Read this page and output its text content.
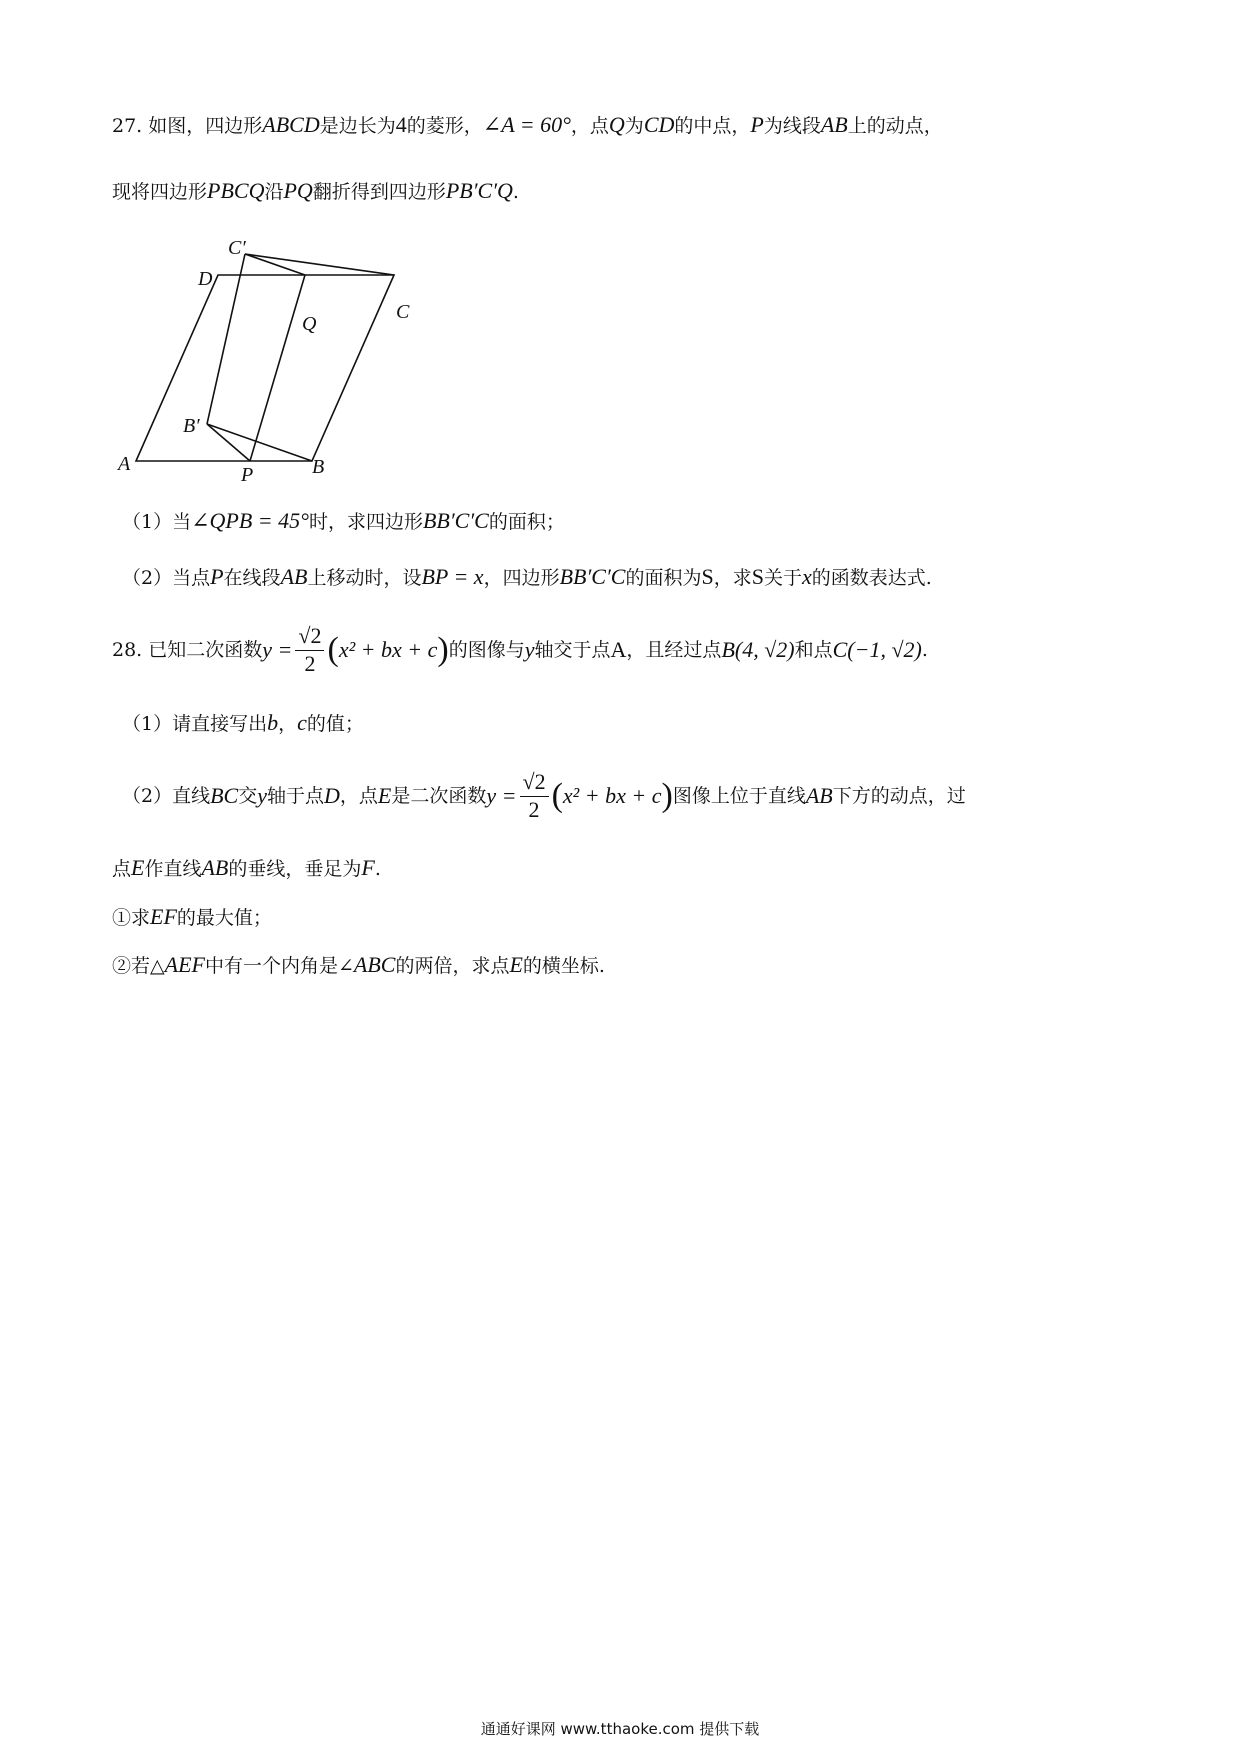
27. 如图，四边形ABCD是边长为4的菱形，∠A = 60°，点Q为CD的中点，P为线段AB上的动点，
现将四边形PBCQ沿PQ翻折得到四边形PB′C′Q.
C′
D
Q
C
B′
A	P	B
（1）当∠QPB = 45°时，求四边形BB′C′C的面积；
（2）当点P在线段AB上移动时，设BP = x，四边形BB′C′C的面积为S，求S关于x的函数表达式.
28.
已知二次函数 $y = \frac{√2}{2}$ ( x² + bx + c ) 的图像与 y 轴交于点 A ，且经过点 B(4, √2) 和点 C(−1, √2) .
（1）请直接写出b，c的值；
（2）直线 BC 交 y 轴于点 D ，点 E 是二次函数 $y = \frac{√2}{2}$ ( x² + bx + c ) 图像上位于直线 AB 下方的动点，过
点E作直线AB的垂线，垂足为F.
①求EF的最大值；
②若△AEF中有一个内角是∠ABC的两倍，求点E的横坐标.
通通好课网 www.tthaoke.com 提供下载
